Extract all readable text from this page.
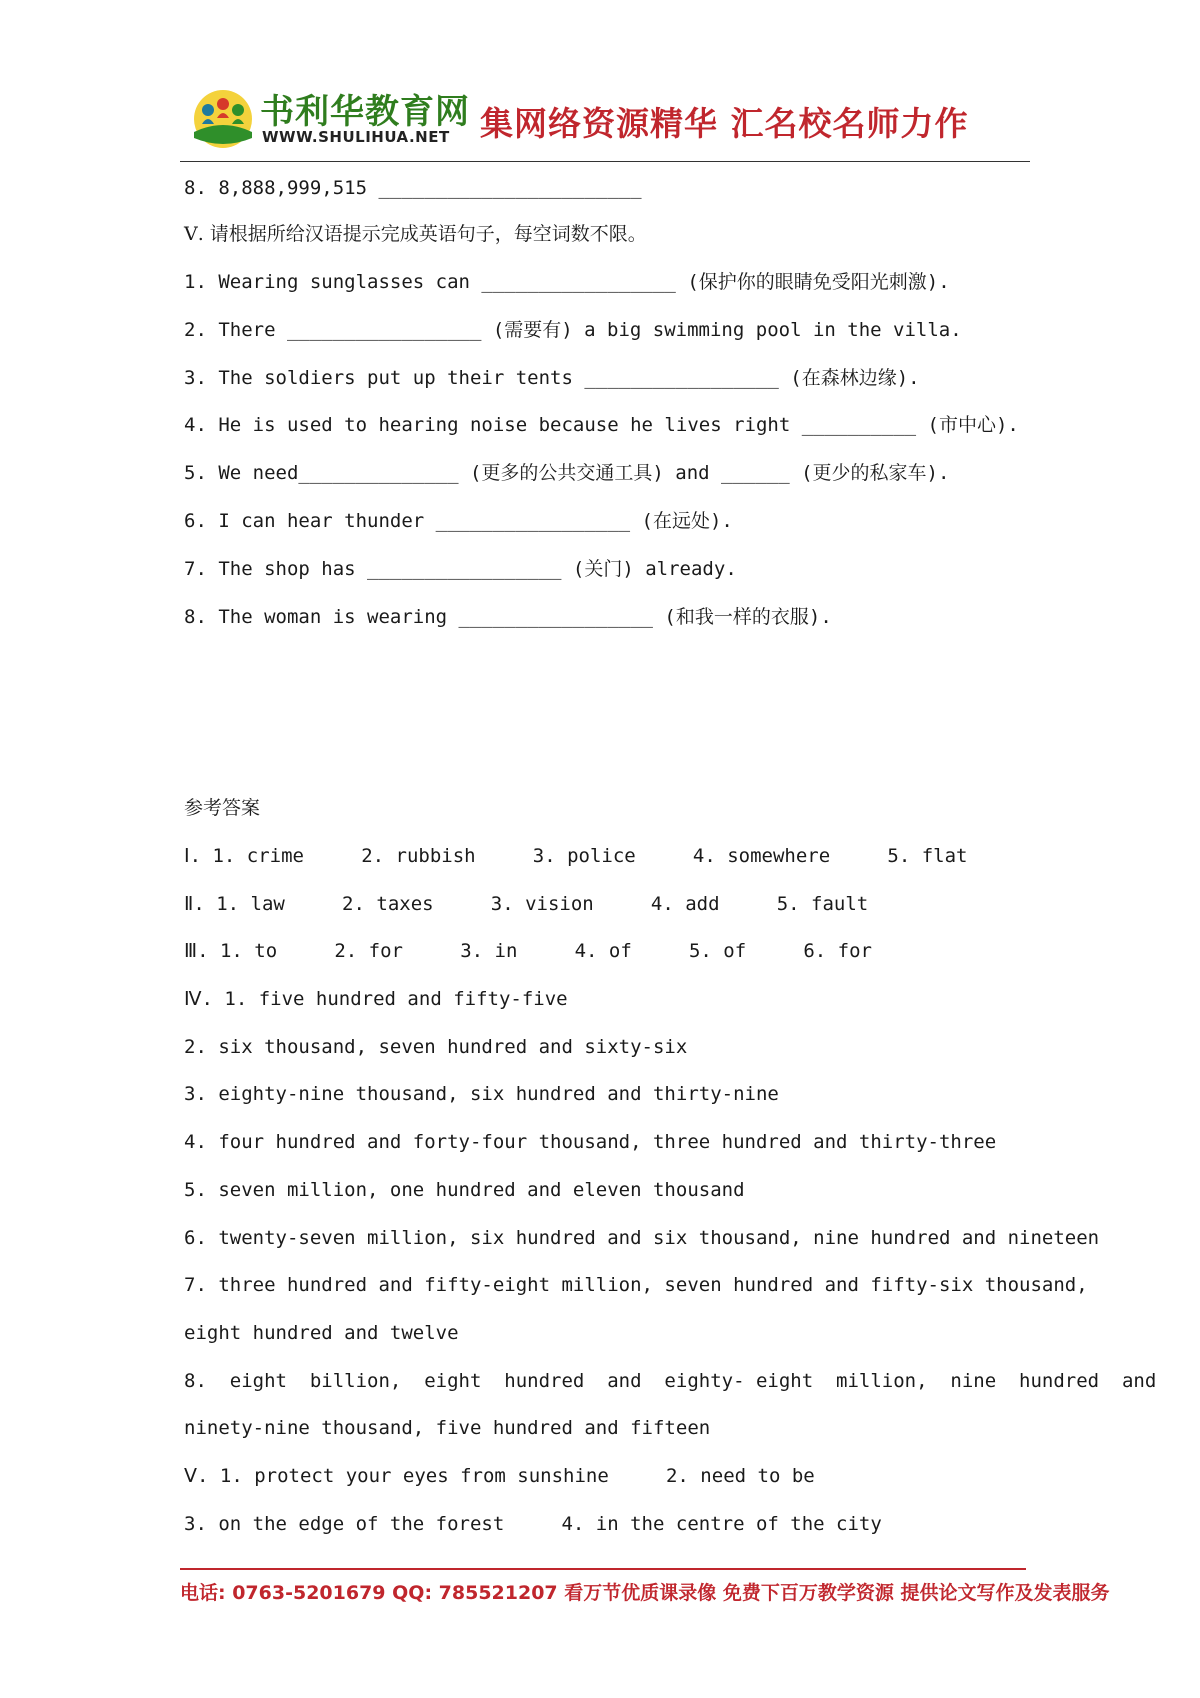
书利华教育网
WWW.SHULIHUA.NET 集网络资源精华 汇名校名师力作
8. 8,888,999,515 _______________________
Ⅴ. 请根据所给汉语提示完成英语句子，每空词数不限。
1. Wearing sunglasses can _________________ (保护你的眼睛免受阳光刺激).
2. There _________________ (需要有) a big swimming pool in the villa.
3. The soldiers put up their tents _________________ (在森林边缘).
4. He is used to hearing noise because he lives right __________ (市中心).
5. We need______________ (更多的公共交通工具) and ______ (更少的私家车).
6. I can hear thunder _________________ (在远处).
7. The shop has _________________ (关门) already.
8. The woman is wearing _________________ (和我一样的衣服).
参考答案
Ⅰ. 1. crime     2. rubbish     3. police     4. somewhere     5. flat
Ⅱ. 1. law     2. taxes     3. vision     4. add     5. fault
Ⅲ. 1. to     2. for     3. in     4. of     5. of     6. for
Ⅳ. 1. five hundred and fifty-five
2. six thousand, seven hundred and sixty-six
3. eighty-nine thousand, six hundred and thirty-nine
4. four hundred and forty-four thousand, three hundred and thirty-three
5. seven million, one hundred and eleven thousand
6. twenty-seven million, six hundred and six thousand, nine hundred and nineteen
7. three hundred and fifty-eight million, seven hundred and fifty-six thousand,
eight hundred and twelve
8.  eight  billion,  eight  hundred  and  eighty- eight  million,  nine  hundred  and
ninety-nine thousand, five hundred and fifteen
Ⅴ. 1. protect your eyes from sunshine     2. need to be
3. on the edge of the forest     4. in the centre of the city
电话: 0763-5201679 QQ: 785521207 看万节优质课录像 免费下百万教学资源 提供论文写作及发表服务
